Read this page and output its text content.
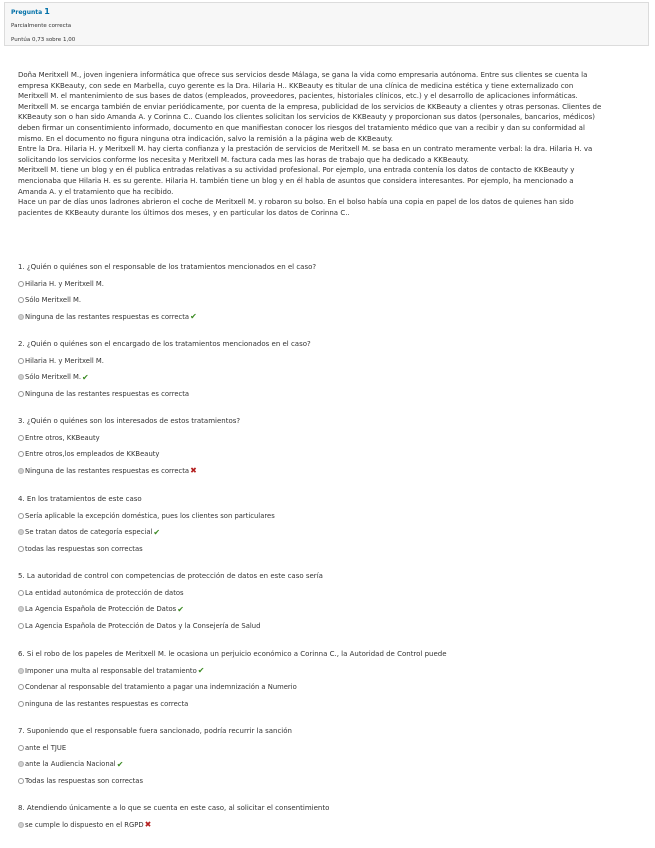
Pregunta 1
Parcialmente correcta
Puntúa 0,73 sobre 1,00

Doña Meritxell M., joven ingeniera informática que ofrece sus servicios desde Málaga, se gana la vida como empresaria autónoma. Entre sus clientes se cuenta la

empresa KKBeauty, con sede en Marbella, cuyo gerente es la Dra. Hilaria H.. KKBeauty es titular de una clínica de medicina estética y tiene externalizado con

Meritxell M. el mantenimiento de sus bases de datos (empleados, proveedores, pacientes, historiales clínicos, etc.) y el desarrollo de aplicaciones informáticas.

Meritxell M. se encarga también de enviar periódicamente, por cuenta de la empresa, publicidad de los servicios de KKBeauty a clientes y otras personas. Clientes de

KKBeauty son o han sido Amanda A. y Corinna C.. Cuando los clientes solicitan los servicios de KKBeauty y proporcionan sus datos (personales, bancarios, médicos)

deben firmar un consentimiento informado, documento en que manifiestan conocer los riesgos del tratamiento médico que van a recibir y dan su conformidad al

mismo. En el documento no figura ninguna otra indicación, salvo la remisión a la página web de KKBeauty.

Entre la Dra. Hilaria H. y Meritxell M. hay cierta confianza y la prestación de servicios de Meritxell M. se basa en un contrato meramente verbal: la dra. Hilaria H. va

solicitando los servicios conforme los necesita y Meritxell M. factura cada mes las horas de trabajo que ha dedicado a KKBeauty.

Meritxell M. tiene un blog y en él publica entradas relativas a su actividad profesional. Por ejemplo, una entrada contenía los datos de contacto de KKBeauty y

mencionaba que Hilaria H. es su gerente. Hilaria H. también tiene un blog y en él habla de asuntos que considera interesantes. Por ejemplo, ha mencionado a

Amanda A. y el tratamiento que ha recibido.

Hace un par de días unos ladrones abrieron el coche de Meritxell M. y robaron su bolso. En el bolso había una copia en papel de los datos de quienes han sido

pacientes de KKBeauty durante los últimos dos meses, y en particular los datos de Corinna C..

1. ¿Quién o quiénes son el responsable de los tratamientos mencionados en el caso?
Hilaria H. y Meritxell M.
Sólo Meritxell M.
Ninguna de las restantes respuestas es correcta ✔
2. ¿Quién o quiénes son el encargado de los tratamientos mencionados en el caso?
Hilaria H. y Meritxell M.
Sólo Meritxell M. ✔
Ninguna de las restantes respuestas es correcta
3. ¿Quién o quiénes son los interesados de estos tratamientos?
Entre otros, KKBeauty
Entre otros,los empleados de KKBeauty
Ninguna de las restantes respuestas es correcta ✖
4. En los tratamientos de este caso
Sería aplicable la excepción doméstica, pues los clientes son particulares
Se tratan datos de categoría especial ✔
todas las respuestas son correctas
5. La autoridad de control con competencias de protección de datos en este caso sería
La entidad autonómica de protección de datos
La Agencia Española de Protección de Datos ✔
La Agencia Española de Protección de Datos y la Consejería de Salud
6. Si el robo de los papeles de Meritxell M. le ocasiona un perjuicio económico a Corinna C., la Autoridad de Control puede
Imponer una multa al responsable del tratamiento ✔
Condenar al responsable del tratamiento a pagar una indemnización a Numerio
ninguna de las restantes respuestas es correcta
7. Suponiendo que el responsable fuera sancionado, podría recurrir la sanción
ante el TJUE
ante la Audiencia Nacional ✔
Todas las respuestas son correctas
8. Atendiendo únicamente a lo que se cuenta en este caso, al solicitar el consentimiento
se cumple lo dispuesto en el RGPD ✖
